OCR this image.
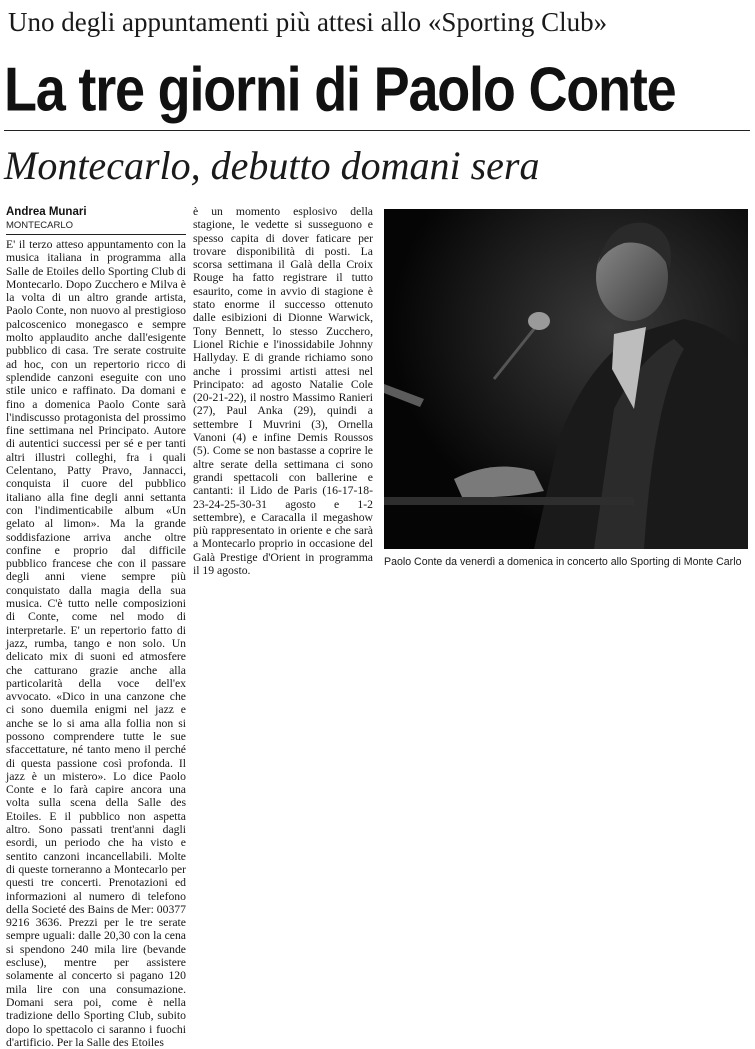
Uno degli appuntamenti più attesi allo «Sporting Club»
La tre giorni di Paolo Conte
Montecarlo, debutto domani sera
Andrea Munari
MONTECARLO

E' il terzo atteso appuntamento con la musica italiana in programma alla Salle de Etoiles dello Sporting Club di Montecarlo. Dopo Zucchero e Milva è la volta di un altro grande artista, Paolo Conte, non nuovo al prestigioso palcoscenico monegasco e sempre molto applaudito anche dall'esigente pubblico di casa. Tre serate costruite ad hoc, con un repertorio ricco di splendide canzoni eseguite con uno stile unico e raffinato. Da domani e fino a domenica Paolo Conte sarà l'indiscusso protagonista del prossimo fine settimana nel Principato. Autore di autentici successi per sé e per tanti altri illustri colleghi, fra i quali Celentano, Patty Pravo, Jannacci, conquista il cuore del pubblico italiano alla fine degli anni settanta con l'indimenticabile album «Un gelato al limon». Ma la grande soddisfazione arriva anche oltre confine e proprio dal difficile pubblico francese che con il passare degli anni viene sempre più conquistato dalla magia della sua musica. C'è tutto nelle composizioni di Conte, come nel modo di interpretarle. E' un repertorio fatto di jazz, rumba, tango e non solo. Un delicato mix di suoni ed atmosfere che catturano grazie anche alla particolarità della voce dell'ex avvocato. «Dico in una canzone che ci sono duemila enigmi nel jazz e anche se lo si ama alla follia non si possono comprendere tutte le sue sfaccettature, né tanto meno il perché di questa passione così profonda. Il jazz è un mistero». Lo dice Paolo Conte e lo farà capire ancora una volta sulla scena della Salle des Etoiles. E il pubblico non aspetta altro. Sono passati trent'anni dagli esordi, un periodo che ha visto e sentito canzoni incancellabili. Molte di queste torneranno a Montecarlo per questi tre concerti. Prenotazioni ed informazioni al numero di telefono della Societé des Bains de Mer: 00377 9216 3636. Prezzi per le tre serate sempre uguali: dalle 20,30 con la cena si spendono 240 mila lire (bevande escluse), mentre per assistere solamente al concerto si pagano 120 mila lire con una consumazione. Domani sera poi, come è nella tradizione dello Sporting Club, subito dopo lo spettacolo ci saranno i fuochi d'artificio. Per la Salle des Etoiles

è un momento esplosivo della stagione, le vedette si susseguono e spesso capita di dover faticare per trovare disponibilità di posti. La scorsa settimana il Galà della Croix Rouge ha fatto registrare il tutto esaurito, come in avvio di stagione è stato enorme il successo ottenuto dalle esibizioni di Dionne Warwick, Tony Bennett, lo stesso Zucchero, Lionel Richie e l'inossidabile Johnny Hallyday. E di grande richiamo sono anche i prossimi artisti attesi nel Principato: ad agosto Natalie Cole (20-21-22), il nostro Massimo Ranieri (27), Paul Anka (29), quindi a settembre I Muvrini (3), Ornella Vanoni (4) e infine Demis Roussos (5). Come se non bastasse a coprire le altre serate della settimana ci sono grandi spettacoli con ballerine e cantanti: il Lido de Paris (16-17-18-23-24-25-30-31 agosto e 1-2 settembre), e Caracalla il megashow più rappresentato in oriente e che sarà a Montecarlo proprio in occasione del Galà Prestige d'Orient in programma il 19 agosto.

Paolo Conte da venerdì a domenica in concerto allo Sporting di Monte Carlo
